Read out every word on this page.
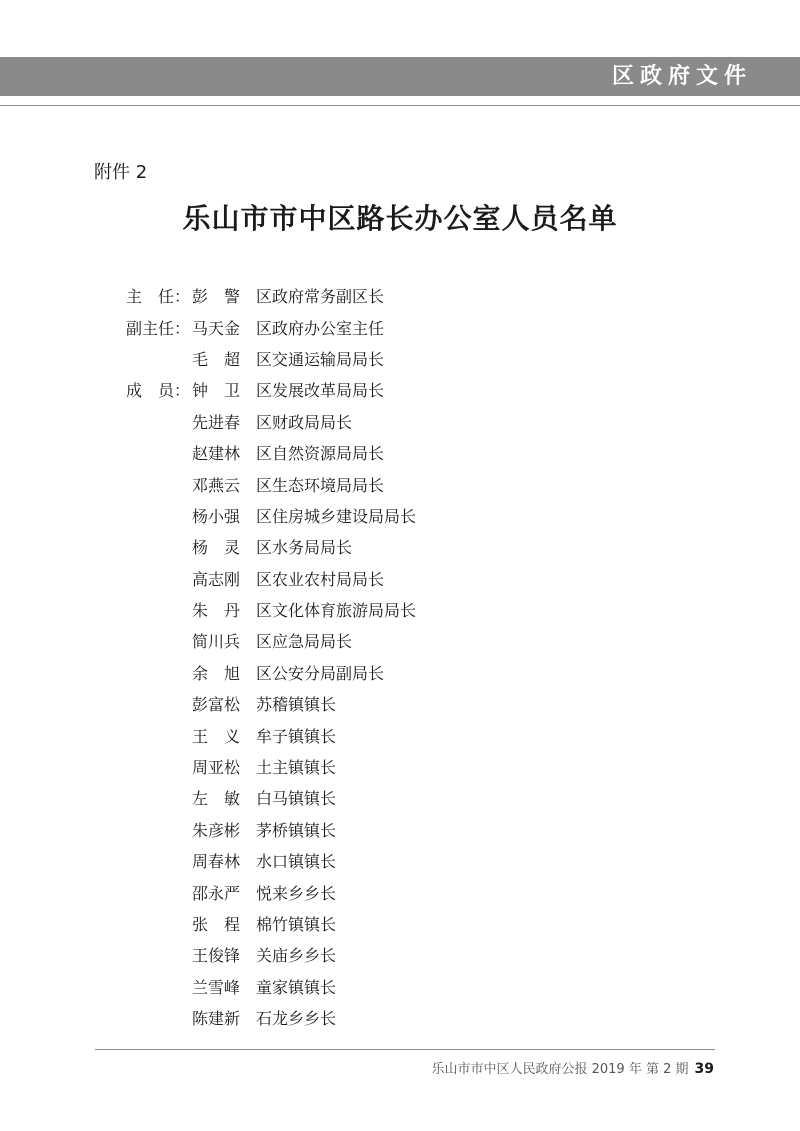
区政府文件
附件 2
乐山市市中区路长办公室人员名单
主　任： 彭　警 区政府常务副区长
副主任： 马天金 区政府办公室主任
毛　超 区交通运输局局长
成　员： 钟　卫 区发展改革局局长
先进春 区财政局局长
赵建林 区自然资源局局长
邓燕云 区生态环境局局长
杨小强 区住房城乡建设局局长
杨　灵 区水务局局长
高志刚 区农业农村局局长
朱　丹 区文化体育旅游局局长
简川兵 区应急局局长
余　旭 区公安分局副局长
彭富松 苏稽镇镇长
王　义 牟子镇镇长
周亚松 土主镇镇长
左　敏 白马镇镇长
朱彦彬 茅桥镇镇长
周春林 水口镇镇长
邵永严 悦来乡乡长
张　程 棉竹镇镇长
王俊锋 关庙乡乡长
兰雪峰 童家镇镇长
陈建新 石龙乡乡长
乐山市市中区人民政府公报 2019 年 第 2 期 39
